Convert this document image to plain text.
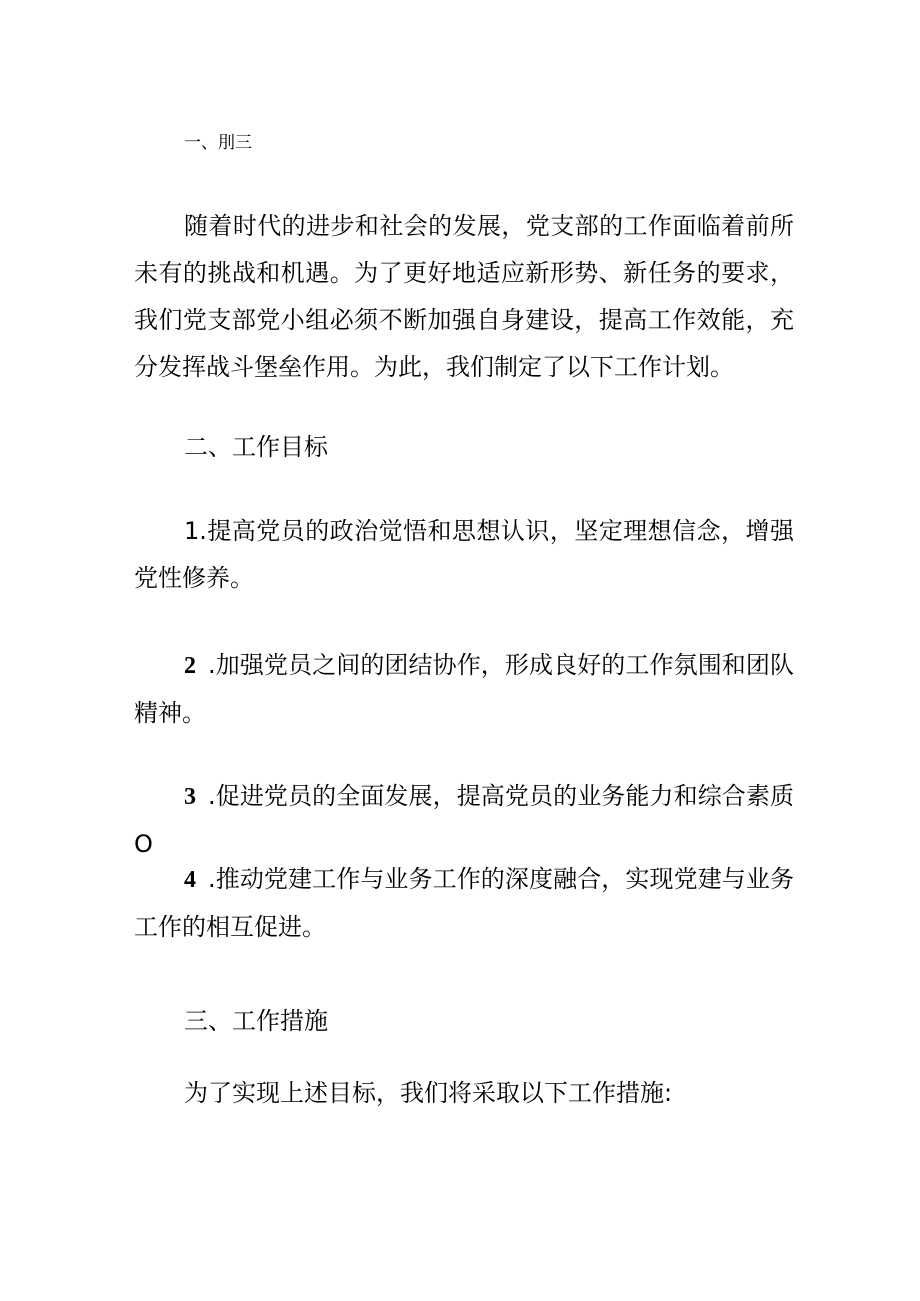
一、刖三

随着时代的进步和社会的发展，党支部的工作面临着前所未有的挑战和机遇。为了更好地适应新形势、新任务的要求，我们党支部党小组必须不断加强自身建设，提高工作效能，充分发挥战斗堡垒作用。为此，我们制定了以下工作计划。

二、工作目标

1.提高党员的政治觉悟和思想认识，坚定理想信念，增强党性修养。

2 .加强党员之间的团结协作，形成良好的工作氛围和团队精神。

3 .促进党员的全面发展，提高党员的业务能力和综合素质O

4 .推动党建工作与业务工作的深度融合，实现党建与业务工作的相互促进。

三、工作措施

为了实现上述目标，我们将采取以下工作措施:
